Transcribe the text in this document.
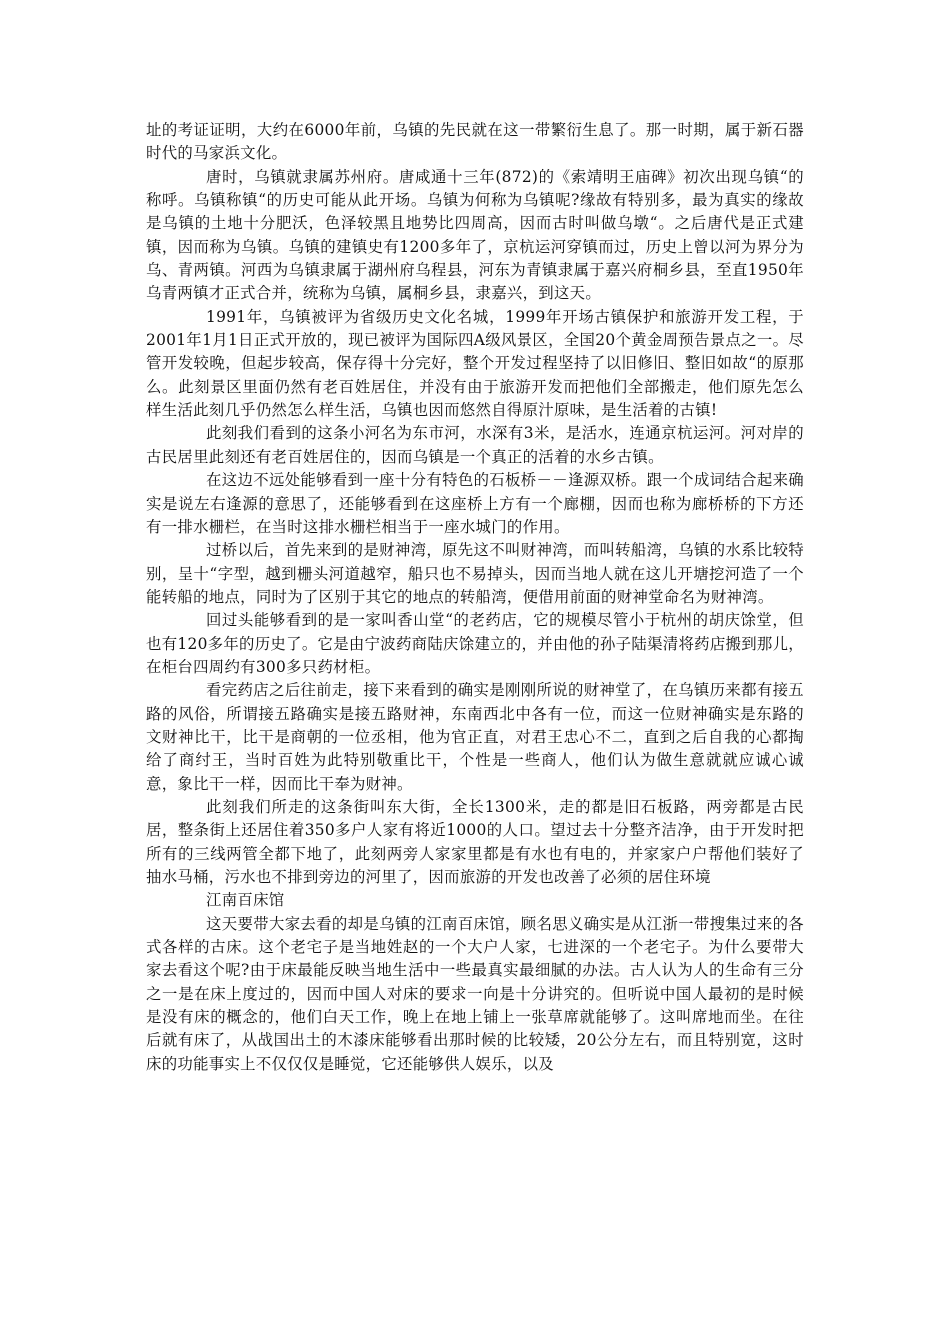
址的考证证明，大约在6000年前，乌镇的先民就在这一带繁衍生息了。那一时期，属于新石器时代的马家浜文化。

唐时，乌镇就隶属苏州府。唐咸通十三年(872)的《索靖明王庙碑》初次出现乌镇“的称呼。乌镇称镇“的历史可能从此开场。乌镇为何称为乌镇呢?缘故有特别多，最为真实的缘故是乌镇的土地十分肥沃，色泽较黑且地势比四周高，因而古时叫做乌墩“。之后唐代是正式建镇，因而称为乌镇。乌镇的建镇史有1200多年了，京杭运河穿镇而过，历史上曾以河为界分为乌、青两镇。河西为乌镇隶属于湖州府乌程县，河东为青镇隶属于嘉兴府桐乡县，至直1950年乌青两镇才正式合并，统称为乌镇，属桐乡县，隶嘉兴，到这天。

1991年，乌镇被评为省级历史文化名城，1999年开场古镇保护和旅游开发工程，于2001年1月1日正式开放的，现已被评为国际四A级风景区，全国20个黄金周预告景点之一。尽管开发较晚，但起步较高，保存得十分完好，整个开发过程坚持了以旧修旧、整旧如故“的原那么。此刻景区里面仍然有老百姓居住，并没有由于旅游开发而把他们全部搬走，他们原先怎么样生活此刻几乎仍然怎么样生活，乌镇也因而悠然自得原汁原味，是生活着的古镇!

此刻我们看到的这条小河名为东市河，水深有3米，是活水，连通京杭运河。河对岸的古民居里此刻还有老百姓居住的，因而乌镇是一个真正的活着的水乡古镇。

在这边不远处能够看到一座十分有特色的石板桥－－逢源双桥。跟一个成词结合起来确实是说左右逢源的意思了，还能够看到在这座桥上方有一个廊棚，因而也称为廊桥桥的下方还有一排水栅栏，在当时这排水栅栏相当于一座水城门的作用。

过桥以后，首先来到的是财神湾，原先这不叫财神湾，而叫转船湾，乌镇的水系比较特别，呈十“字型，越到栅头河道越窄，船只也不易掉头，因而当地人就在这儿开塘挖河造了一个能转船的地点，同时为了区别于其它的地点的转船湾，便借用前面的财神堂命名为财神湾。

回过头能够看到的是一家叫香山堂“的老药店，它的规模尽管小于杭州的胡庆馀堂，但也有120多年的历史了。它是由宁波药商陆庆馀建立的，并由他的孙子陆渠清将药店搬到那儿，在柜台四周约有300多只药材柜。

看完药店之后往前走，接下来看到的确实是刚刚所说的财神堂了，在乌镇历来都有接五路的风俗，所谓接五路确实是接五路财神，东南西北中各有一位，而这一位财神确实是东路的文财神比干，比干是商朝的一位丞相，他为官正直，对君王忠心不二，直到之后自我的心都掏给了商纣王，当时百姓为此特别敬重比干，个性是一些商人，他们认为做生意就就应诚心诚意，象比干一样，因而比干奉为财神。

此刻我们所走的这条街叫东大街，全长1300米，走的都是旧石板路，两旁都是古民居，整条街上还居住着350多户人家有将近1000的人口。望过去十分整齐洁净，由于开发时把所有的三线两管全都下地了，此刻两旁人家家里都是有水也有电的，并家家户户帮他们装好了抽水马桶，污水也不排到旁边的河里了，因而旅游的开发也改善了必须的居住环境

江南百床馆

这天要带大家去看的却是乌镇的江南百床馆，顾名思义确实是从江浙一带搜集过来的各式各样的古床。这个老宅子是当地姓赵的一个大户人家，七进深的一个老宅子。为什么要带大家去看这个呢?由于床最能反映当地生活中一些最真实最细腻的办法。古人认为人的生命有三分之一是在床上度过的，因而中国人对床的要求一向是十分讲究的。但听说中国人最初的是时候是没有床的概念的，他们白天工作，晚上在地上铺上一张草席就能够了。这叫席地而坐。在往后就有床了，从战国出土的木漆床能够看出那时候的比较矮，20公分左右，而且特别宽，这时床的功能事实上不仅仅仅是睡觉，它还能够供人娱乐，以及
